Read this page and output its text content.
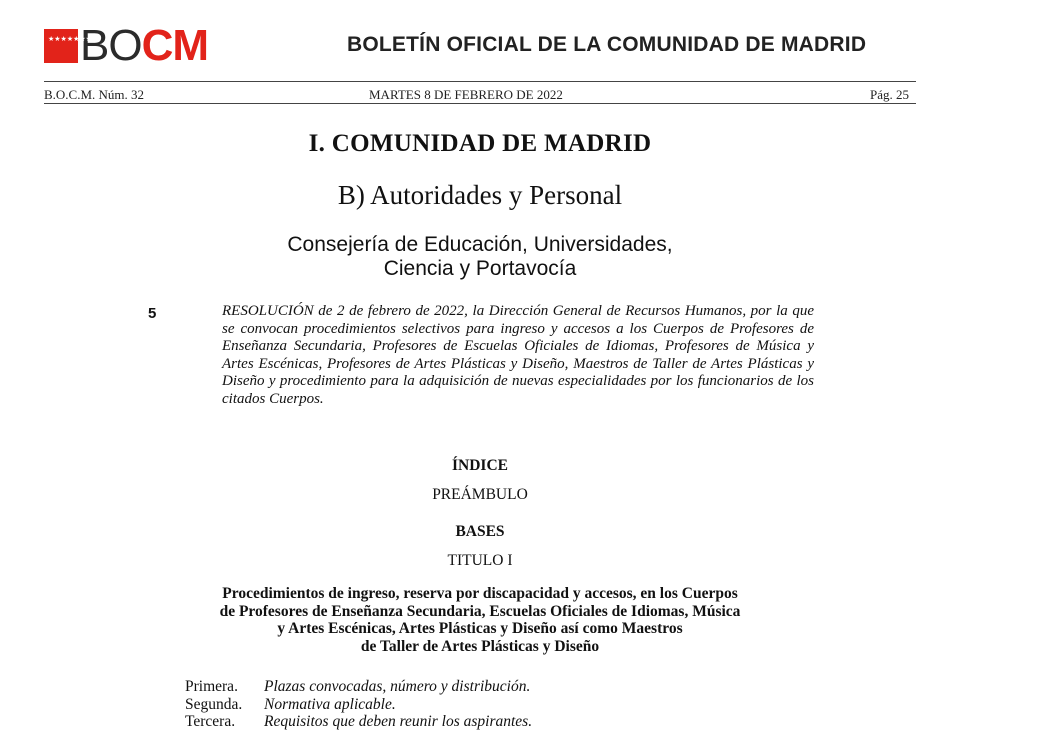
★★★★★★★
BOCM	BOLETÍN OFICIAL DE LA COMUNIDAD DE MADRID
B.O.C.M. Núm. 32	MARTES 8 DE FEBRERO DE 2022	Pág. 25
I. COMUNIDAD DE MADRID
B) Autoridades y Personal
Consejería de Educación, Universidades,
Ciencia y Portavocía
5	RESOLUCIÓN de 2 de febrero de 2022, la Dirección General de Recursos Humanos, por la que se convocan procedimientos selectivos para ingreso y accesos a los Cuerpos de Profesores de Enseñanza Secundaria, Profesores de Escuelas Oficiales de Idiomas, Profesores de Música y Artes Escénicas, Profesores de Artes Plásticas y Diseño, Maestros de Taller de Artes Plásticas y Diseño y procedimiento para la adquisición de nuevas especialidades por los funcionarios de los citados Cuerpos.
ÍNDICE
PREÁMBULO
BASES
TITULO I
Procedimientos de ingreso, reserva por discapacidad y accesos, en los Cuerpos
de Profesores de Enseñanza Secundaria, Escuelas Oficiales de Idiomas, Música
y Artes Escénicas, Artes Plásticas y Diseño así como Maestros
de Taller de Artes Plásticas y Diseño
Primera.	Plazas convocadas, número y distribución.
Segunda.	Normativa aplicable.
Tercera.	Requisitos que deben reunir los aspirantes.
